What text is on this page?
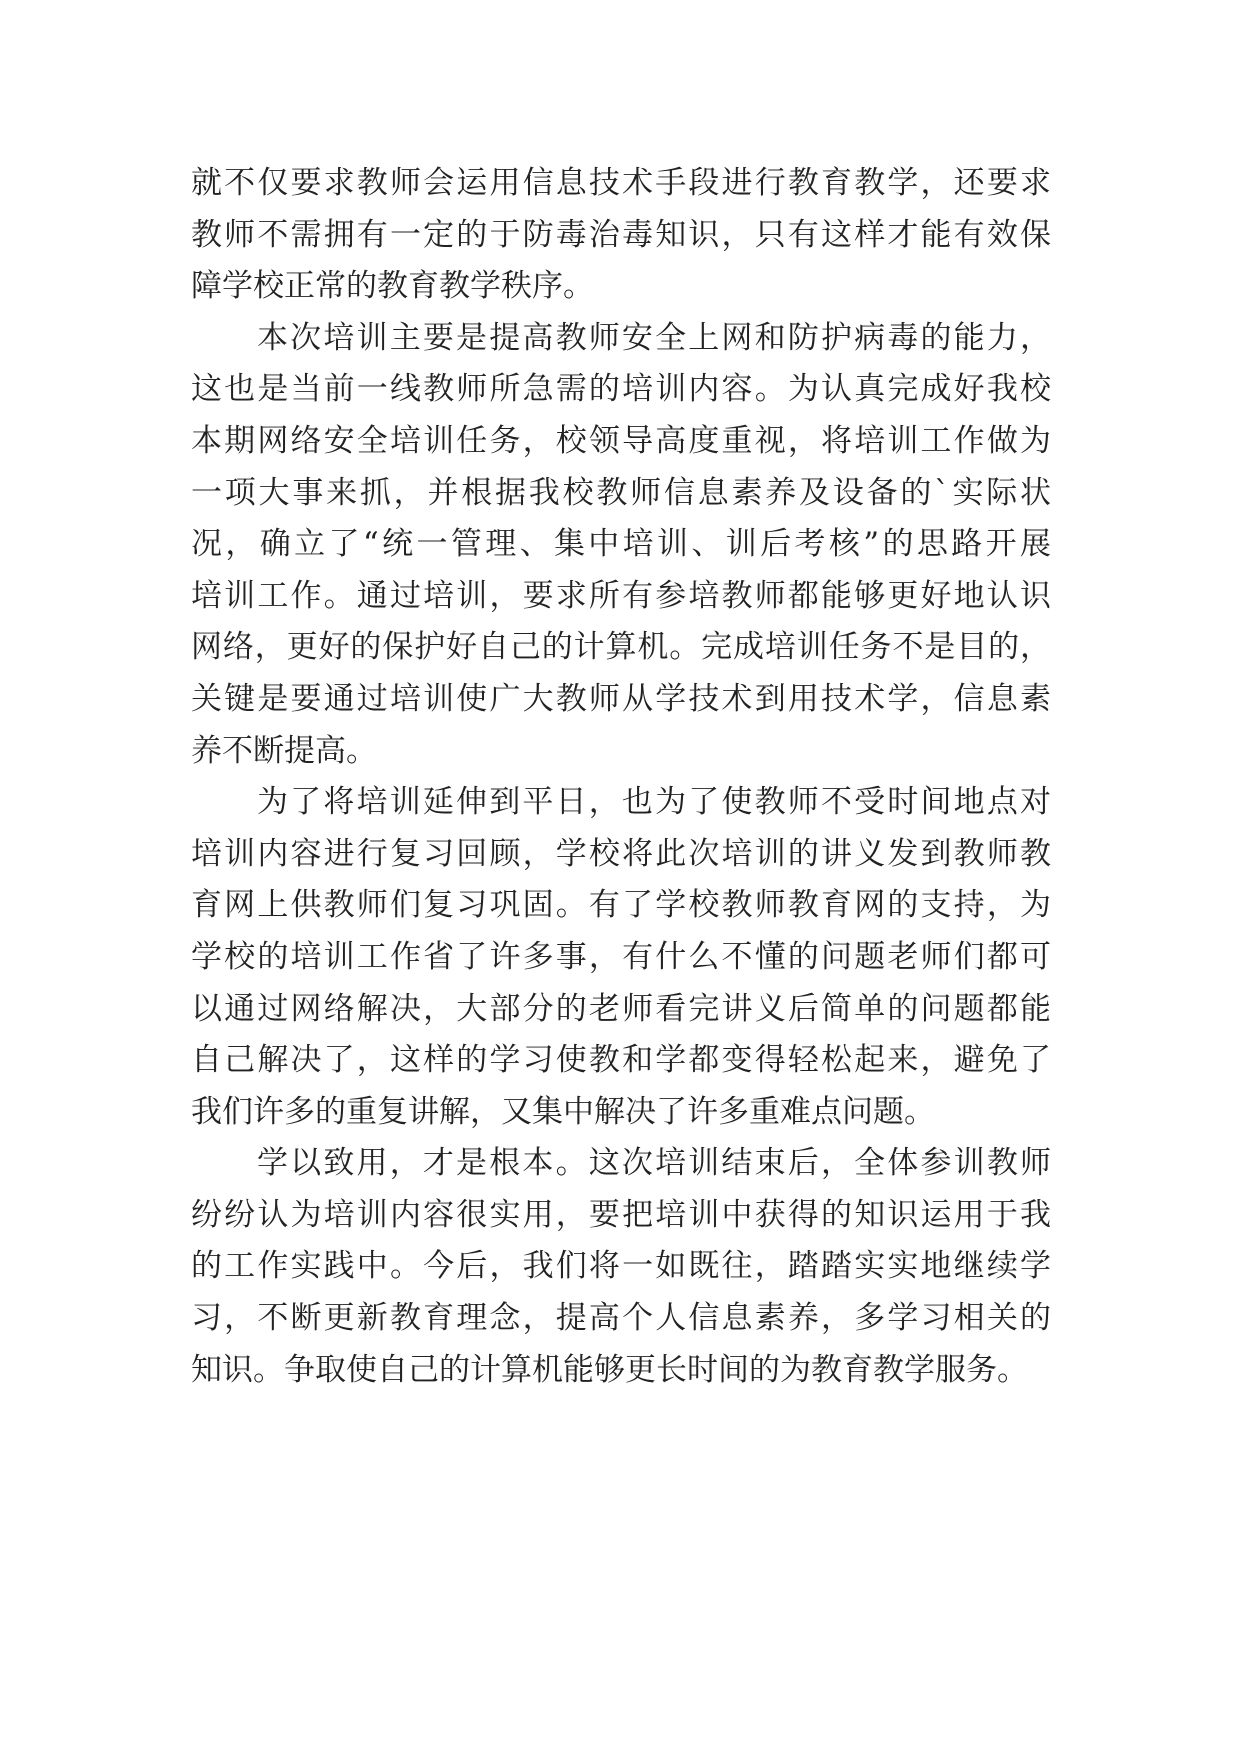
就不仅要求教师会运用信息技术手段进行教育教学，还要求
教师不需拥有一定的于防毒治毒知识，只有这样才能有效保
障学校正常的教育教学秩序。
本次培训主要是提高教师安全上网和防护病毒的能力，
这也是当前一线教师所急需的培训内容。为认真完成好我校
本期网络安全培训任务，校领导高度重视，将培训工作做为
一项大事来抓，并根据我校教师信息素养及设备的`实际状
况，确立了“统一管理、集中培训、训后考核”的思路开展
培训工作。通过培训，要求所有参培教师都能够更好地认识
网络，更好的保护好自己的计算机。完成培训任务不是目的，
关键是要通过培训使广大教师从学技术到用技术学，信息素
养不断提高。
为了将培训延伸到平日，也为了使教师不受时间地点对
培训内容进行复习回顾，学校将此次培训的讲义发到教师教
育网上供教师们复习巩固。有了学校教师教育网的支持，为
学校的培训工作省了许多事，有什么不懂的问题老师们都可
以通过网络解决，大部分的老师看完讲义后简单的问题都能
自己解决了，这样的学习使教和学都变得轻松起来，避免了
我们许多的重复讲解，又集中解决了许多重难点问题。
学以致用，才是根本。这次培训结束后，全体参训教师
纷纷认为培训内容很实用，要把培训中获得的知识运用于我
的工作实践中。今后，我们将一如既往，踏踏实实地继续学
习，不断更新教育理念，提高个人信息素养，多学习相关的
知识。争取使自己的计算机能够更长时间的为教育教学服务。
